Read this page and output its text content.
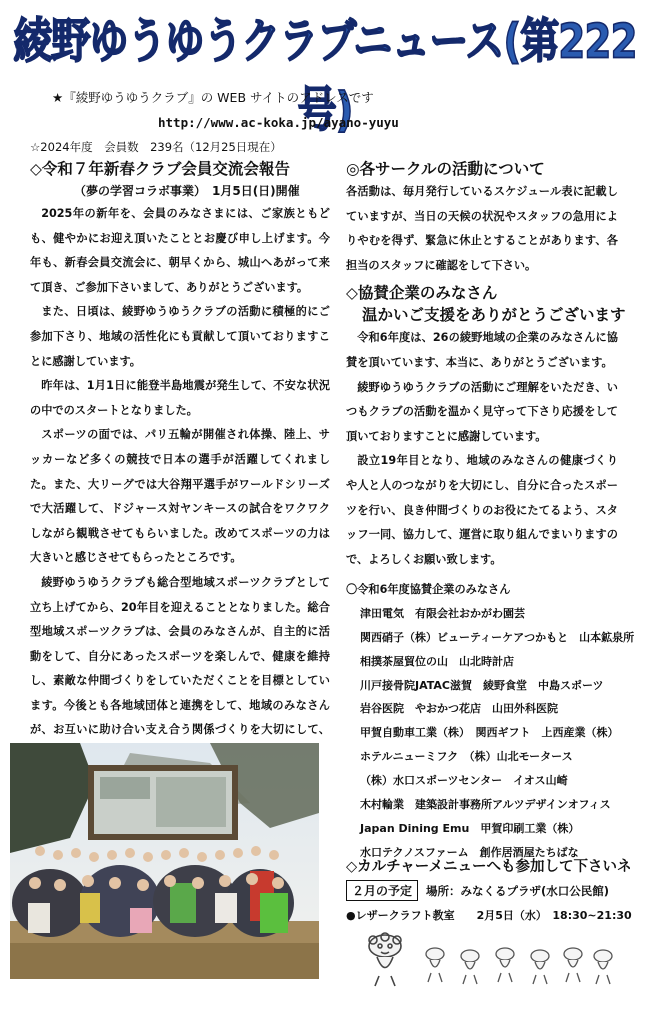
綾野ゆうゆうクラブニュース(第222号)
★『綾野ゆうゆうクラブ』の WEB サイトのアドレスです
http://www.ac-koka.jp/ayano-yuyu
☆2024年度　会員数　239名（12月25日現在）
◇令和７年新春クラブ会員交流会報告
（夢の学習コラボ事業）　1月5日(日)開催

2025年の新年を、会員のみなさまには、ご家族ともども、健やかにお迎え頂いたこととお慶び申し上げます。今年も、新春会員交流会に、朝早くから、城山へあがって来て頂き、ご参加下さいまして、ありがとうございます。

また、日頃は、綾野ゆうゆうクラブの活動に積極的にご参加下さり、地域の活性化にも貢献して頂いておりますことに感謝しています。

昨年は、1月1日に能登半島地震が発生して、不安な状況の中でのスタートとなりました。

スポーツの面では、パリ五輪が開催され体操、陸上、サッカーなど多くの競技で日本の選手が活躍してくれました。また、大リーグでは大谷翔平選手がワールドシリーズで大活躍して、ドジャース対ヤンキースの試合をワクワクしながら観戦させてもらいました。改めてスポーツの力は大きいと感じさせてもらったところです。

綾野ゆうゆうクラブも総合型地域スポーツクラブとして立ち上げてから、20年目を迎えることとなりました。総合型地域スポーツクラブは、会員のみなさんが、自主的に活動をして、自分にあったスポーツを楽しんで、健康を維持し、素敵な仲間づくりをしていただくことを目標としています。今後とも各地域団体と連携をして、地域のみなさんが、お互いに助け合い支え合う関係づくりを大切にして、

◎各サークルの活動について

各活動は、毎月発行しているスケジュール表に記載していますが、当日の天候の状況やスタッフの急用によりやむを得ず、緊急に休止とすることがあります、各担当のスタッフに確認をして下さい。

◇協賛企業のみなさん
温かいご支援をありがとうございます

令和6年度は、26の綾野地域の企業のみなさんに協賛を頂いています、本当に、ありがとうございます。

綾野ゆうゆうクラブの活動にご理解をいただき、いつもクラブの活動を温かく見守って下さり応援をして頂いておりますことに感謝しています。

設立19年目となり、地域のみなさんの健康づくりや人と人のつながりを大切にし、自分に合ったスポーツを行い、良き仲間づくりのお役にたてるよう、スタッフ一同、協力して、運営に取り組んでまいりますので、よろしくお願い致します。

〇令和6年度協賛企業のみなさん
津田電気　有限会社おかがわ園芸
関西硝子（株）ビューティーケアつかもと　山本鉱泉所
相撲茶屋貿位の山　山北時計店
川戸接骨院JATAC滋賀　綾野食堂　中島スポーツ
岩谷医院　やおかつ花店　山田外科医院
甲賀自動車工業（株）　関西ギフト　上西産業（株）
ホテルニューミフク　（株）山北モータース
（株）水口スポーツセンター　イオス山崎
木村輪業　建築設計事務所アルツデザインオフィス
Japan Dining Emu　甲賀印刷工業（株）
水口テクノスファーム　創作居酒屋たちばな
◇カルチャーメニューへも参加して下さいネ
２月の予定 場所：みなくるプラザ(水口公民館)
●レザークラフト教室　　2月5日（水）　18:30~21:30
